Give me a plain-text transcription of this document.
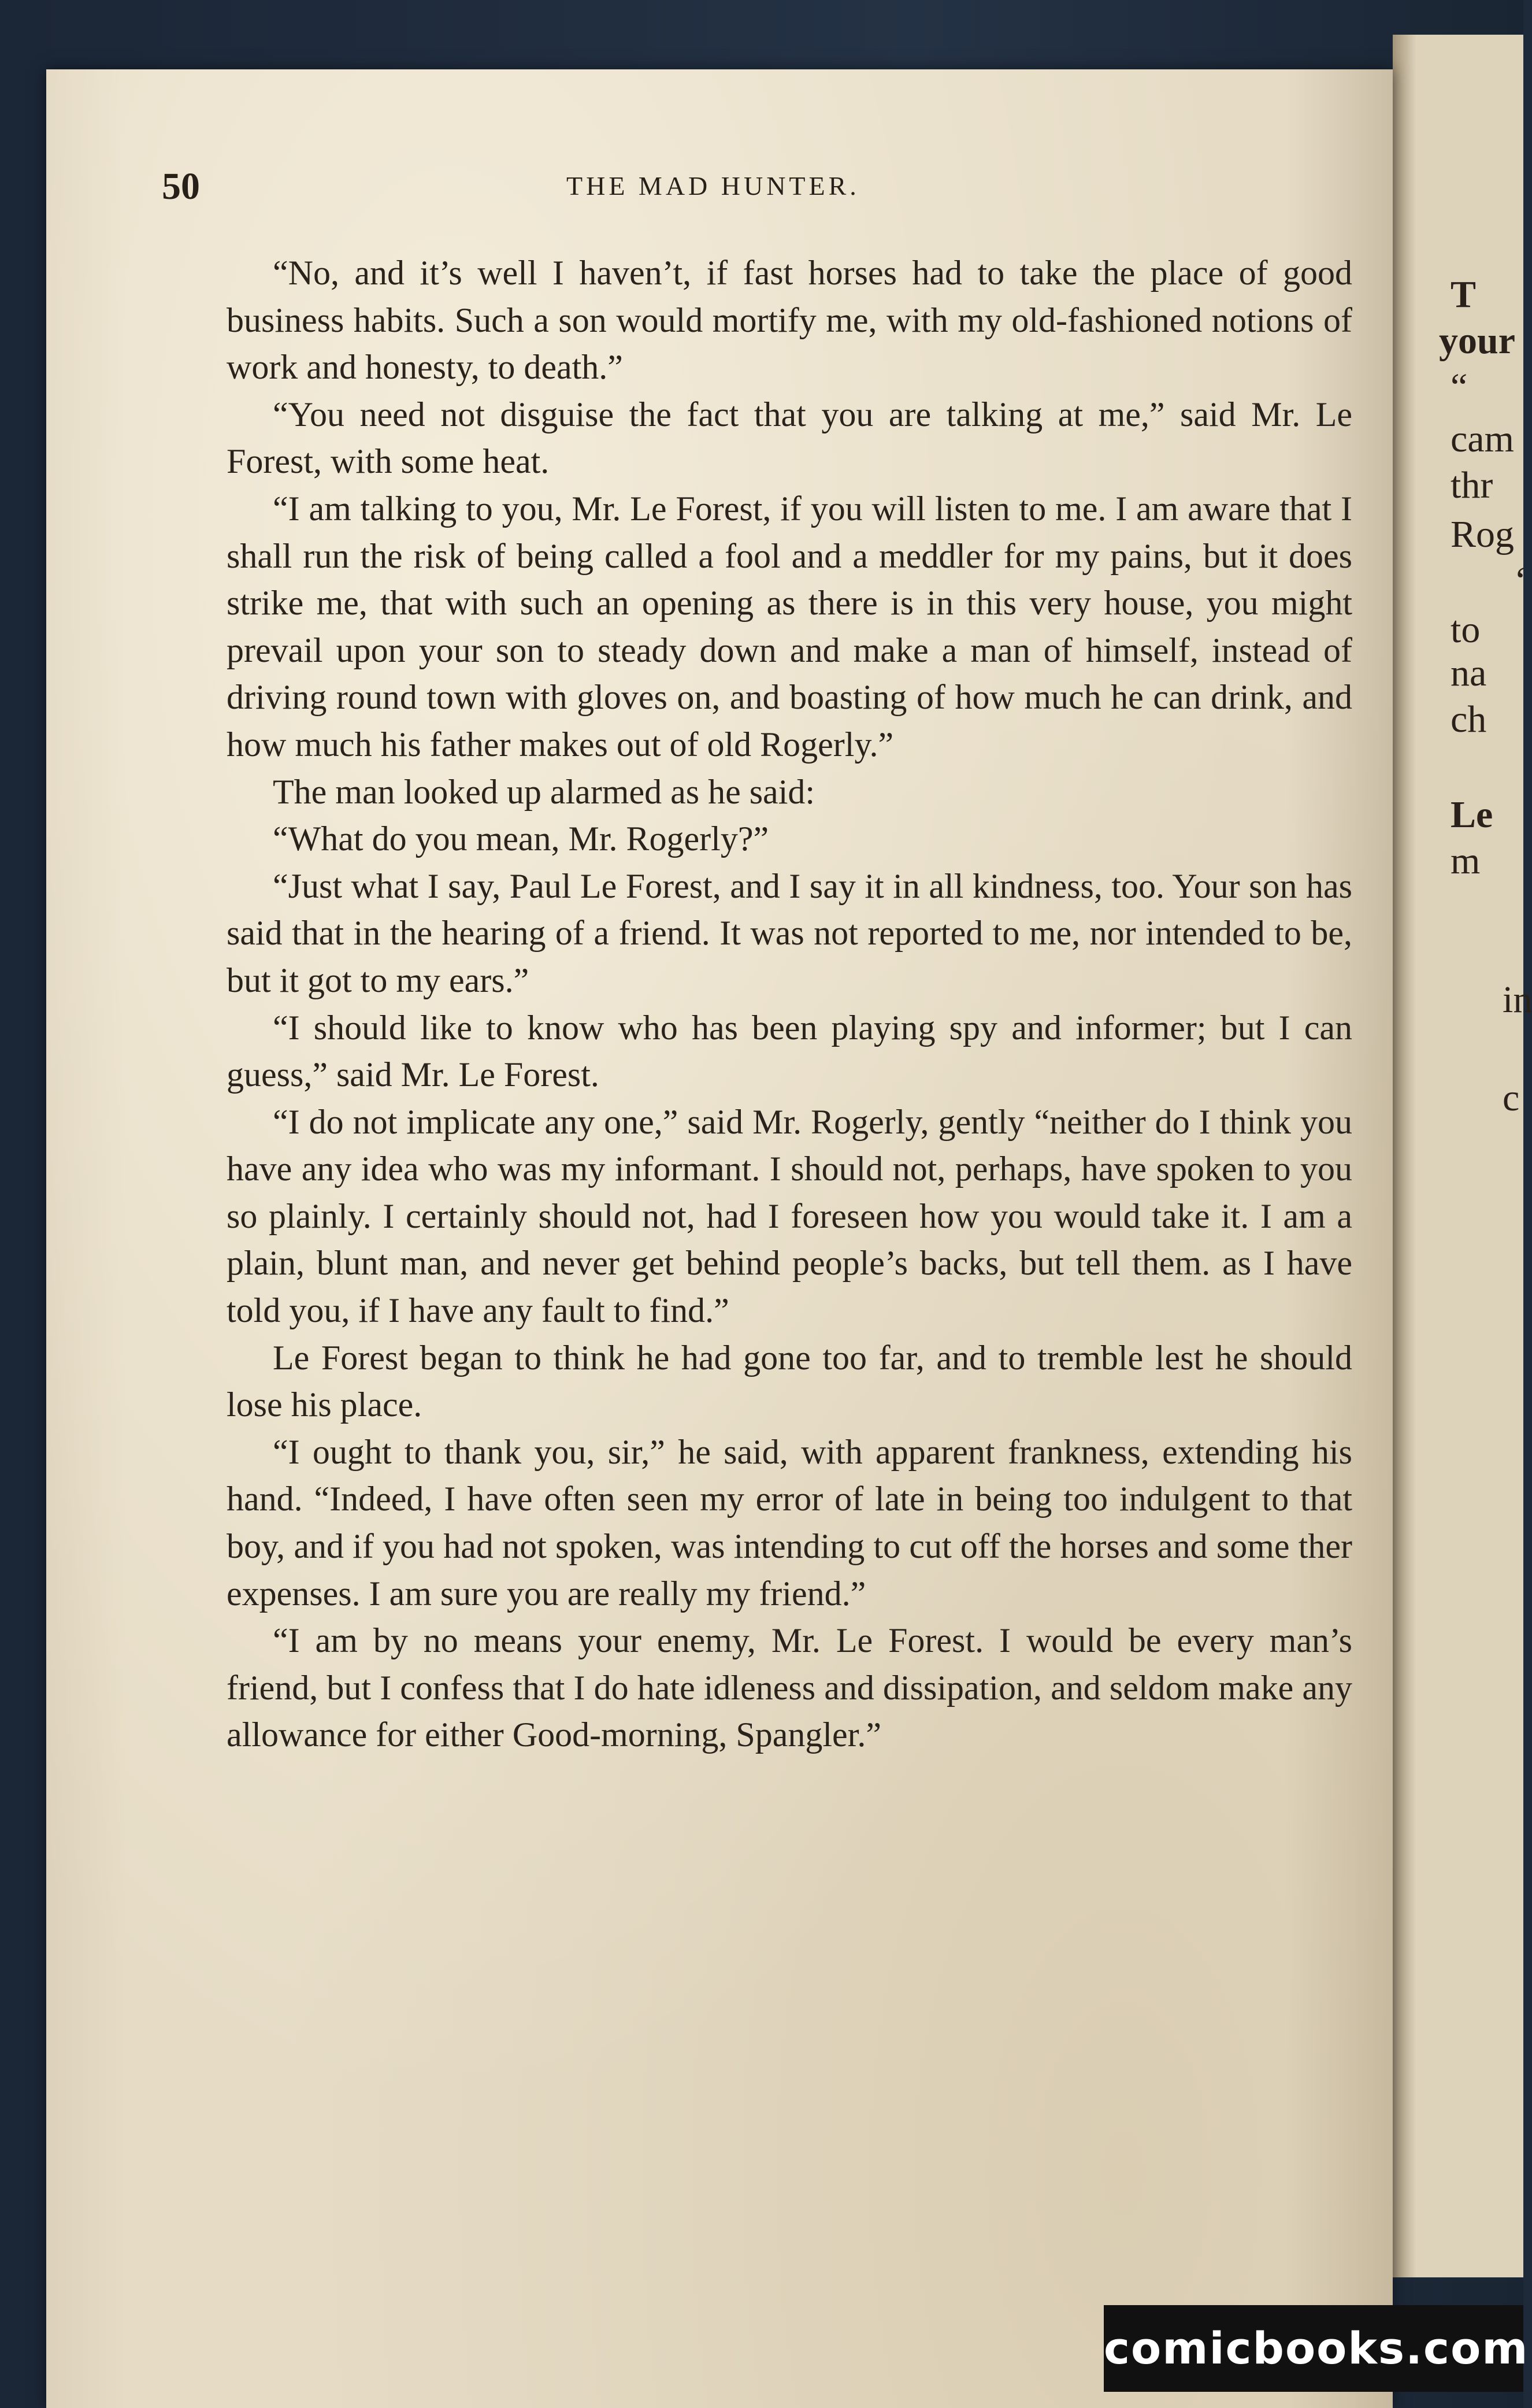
T
your
“
cam
thr
Rog
‘
to
na
ch
Le
m
in
c
50	THE MAD HUNTER.

“No, and it’s well I haven’t, if fast horses had to take the place of good business habits. Such a son would mortify me, with my old-fashioned notions of work and honesty, to death.”

“You need not disguise the fact that you are talking at me,” said Mr. Le Forest, with some heat.

“I am talking to you, Mr. Le Forest, if you will listen to me. I am aware that I shall run the risk of being called a fool and a meddler for my pains, but it does strike me, that with such an opening as there is in this very house, you might prevail upon your son to steady down and make a man of himself, instead of driving round town with gloves on, and boasting of how much he can drink, and how much his father makes out of old Rogerly.”

The man looked up alarmed as he said:

“What do you mean, Mr. Rogerly?”

“Just what I say, Paul Le Forest, and I say it in all kindness, too. Your son has said that in the hearing of a friend. It was not reported to me, nor intended to be, but it got to my ears.”

“I should like to know who has been playing spy and informer; but I can guess,” said Mr. Le Forest.

“I do not implicate any one,” said Mr. Rogerly, gently “neither do I think you have any idea who was my informant. I should not, perhaps, have spoken to you so plainly. I certainly should not, had I foreseen how you would take it. I am a plain, blunt man, and never get behind people’s backs, but tell them. as I have told you, if I have any fault to find.”

Le Forest began to think he had gone too far, and to tremble lest he should lose his place.

“I ought to thank you, sir,” he said, with apparent frankness, extending his hand. “Indeed, I have often seen my error of late in being too indulgent to that boy, and if you had not spoken, was intending to cut off the horses and some ther expenses. I am sure you are really my friend.”

“I am by no means your enemy, Mr. Le Forest. I would be every man’s friend, but I confess that I do hate idleness and dissipation, and seldom make any allowance for either Good-morning, Spangler.”

comicbooks.com
